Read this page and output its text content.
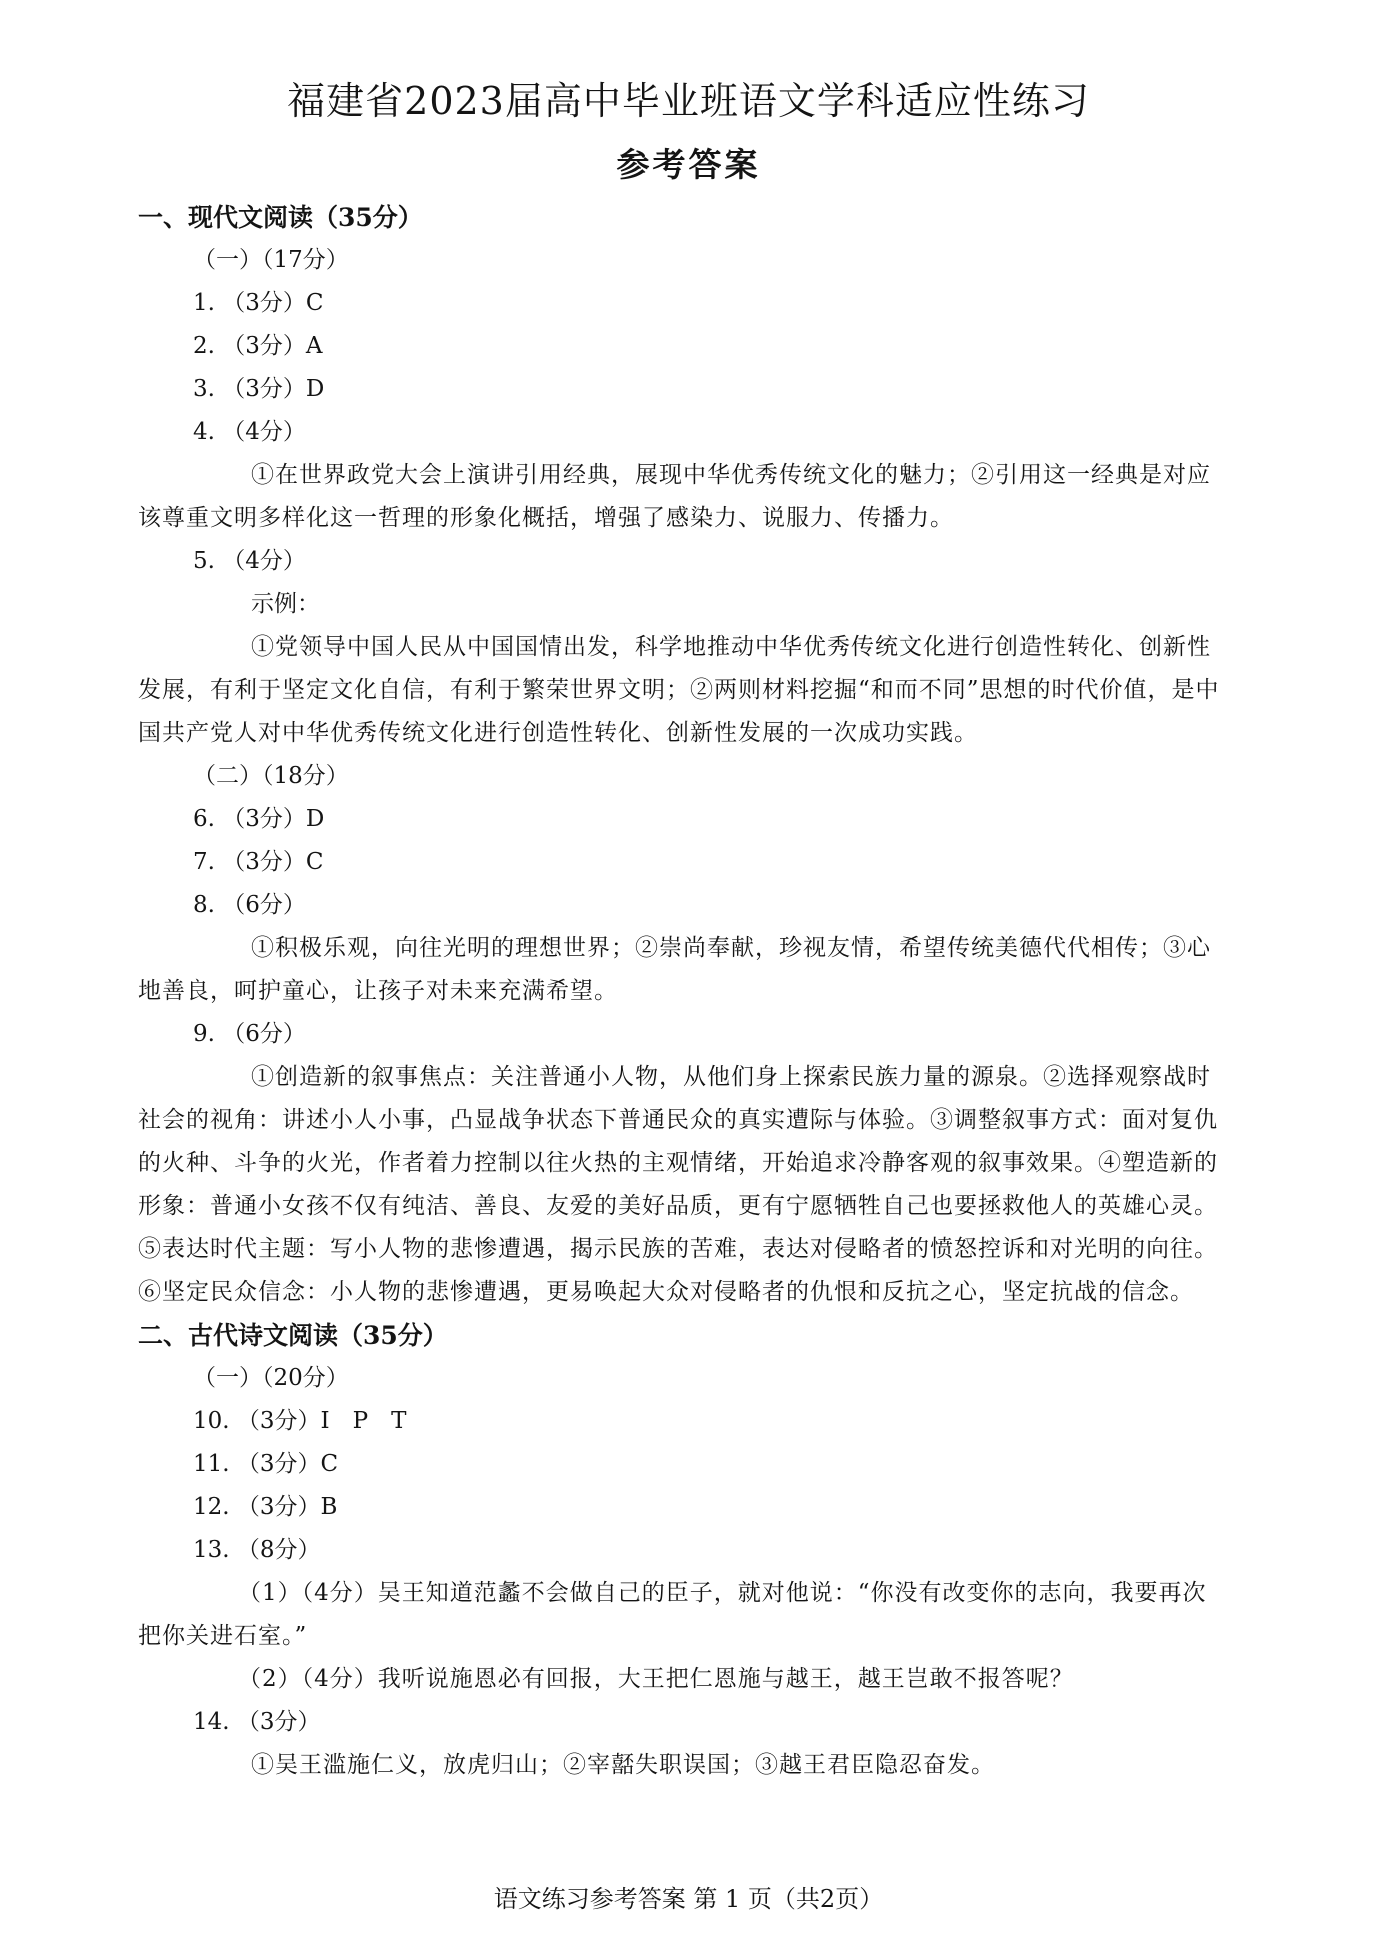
福建省2023届高中毕业班语文学科适应性练习
参考答案
一、现代文阅读（35分）
（一）（17分）
1. （3分）C
2. （3分）A
3. （3分）D
4. （4分）
①在世界政党大会上演讲引用经典，展现中华优秀传统文化的魅力；②引用这一经典是对应该尊重文明多样化这一哲理的形象化概括，增强了感染力、说服力、传播力。
5. （4分）
示例：
①党领导中国人民从中国国情出发，科学地推动中华优秀传统文化进行创造性转化、创新性发展，有利于坚定文化自信，有利于繁荣世界文明；②两则材料挖掘“和而不同”思想的时代价值，是中国共产党人对中华优秀传统文化进行创造性转化、创新性发展的一次成功实践。
（二）（18分）
6. （3分）D
7. （3分）C
8. （6分）
①积极乐观，向往光明的理想世界；②崇尚奉献，珍视友情，希望传统美德代代相传；③心地善良，呵护童心，让孩子对未来充满希望。
9. （6分）
①创造新的叙事焦点：关注普通小人物，从他们身上探索民族力量的源泉。②选择观察战时社会的视角：讲述小人小事，凸显战争状态下普通民众的真实遭际与体验。③调整叙事方式：面对复仇的火种、斗争的火光，作者着力控制以往火热的主观情绪，开始追求冷静客观的叙事效果。④塑造新的形象：普通小女孩不仅有纯洁、善良、友爱的美好品质，更有宁愿牺牲自己也要拯救他人的英雄心灵。⑤表达时代主题：写小人物的悲惨遭遇，揭示民族的苦难，表达对侵略者的愤怒控诉和对光明的向往。⑥坚定民众信念：小人物的悲惨遭遇，更易唤起大众对侵略者的仇恨和反抗之心，坚定抗战的信念。
二、古代诗文阅读（35分）
（一）（20分）
10. （3分）I　P　T
11. （3分）C
12. （3分）B
13. （8分）
（1）（4分）吴王知道范蠡不会做自己的臣子，就对他说：“你没有改变你的志向，我要再次把你关进石室。”
（2）（4分）我听说施恩必有回报，大王把仁恩施与越王，越王岂敢不报答呢？
14. （3分）
①吴王滥施仁义，放虎归山；②宰嚭失职误国；③越王君臣隐忍奋发。
语文练习参考答案 第 1 页（共2页）
